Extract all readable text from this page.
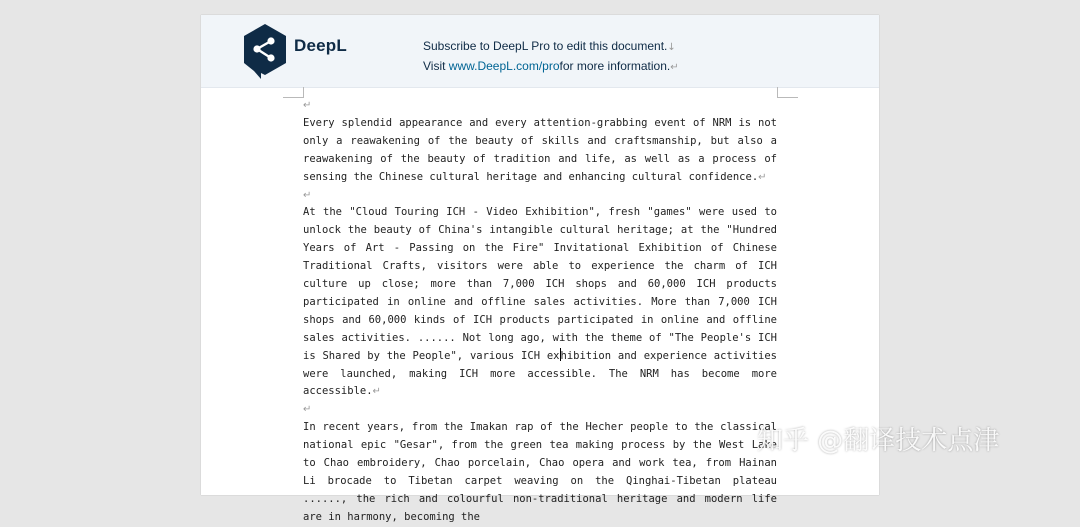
DeepL	Subscribe to DeepL Pro to edit this document.↓
Visit www.DeepL.com/profor more information.↵
↵

Every splendid appearance and every attention-grabbing event of NRM is not only a reawakening of the beauty of skills and craftsmanship, but also a reawakening of the beauty of tradition and life, as well as a process of sensing the Chinese cultural heritage and enhancing cultural confidence.↵

↵

At the "Cloud Touring ICH - Video Exhibition", fresh "games" were used to unlock the beauty of China's intangible cultural heritage; at the "Hundred Years of Art - Passing on the Fire" Invitational Exhibition of Chinese Traditional Crafts, visitors were able to experience the charm of ICH culture up close; more than 7,000 ICH shops and 60,000 ICH products participated in online and offline sales activities. More than 7,000 ICH shops and 60,000 kinds of ICH products participated in online and offline sales activities. ...... Not long ago, with the theme of "The People's ICH is Shared by the People", various ICH exhibition and experience activities were launched, making ICH more accessible. The NRM has become more accessible.↵

↵

In recent years, from the Imakan rap of the Hecher people to the classical national epic "Gesar", from the green tea making process by the West Lake to Chao embroidery, Chao porcelain, Chao opera and work tea, from Hainan Li brocade to Tibetan carpet weaving on the Qinghai-Tibetan plateau ......, the rich and colourful non-traditional heritage and modern life are in harmony, becoming the

知乎 @翻译技术点津
